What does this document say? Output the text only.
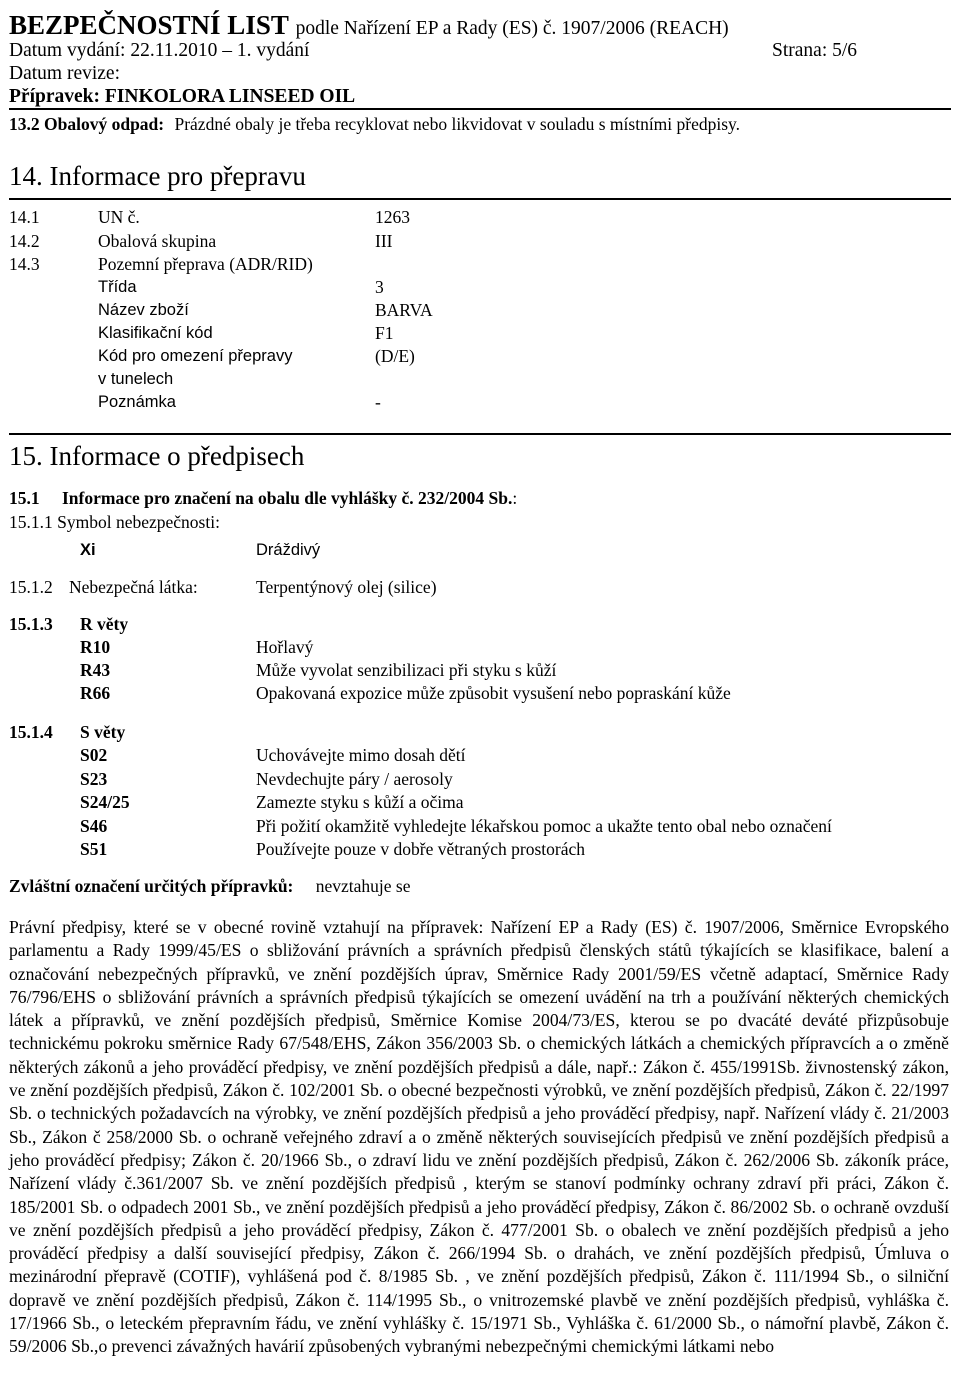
BEZPEČNOSTNÍ LIST podle Nařízení EP a Rady (ES) č. 1907/2006 (REACH)
Datum vydání: 22.11.2010 – 1. vydání	Strana: 5/6
Datum revize:
Přípravek: FINKOLORA LINSEED OIL
13.2 Obalový odpad: Prázdné obaly je třeba recyklovat nebo likvidovat v souladu s místními předpisy.
14. Informace pro přepravu
14.1	UN č.	1263
14.2	Obalová skupina	III
14.3	Pozemní přeprava (ADR/RID)
Třída	3
Název zboží	BARVA
Klasifikační kód	F1
Kód pro omezení přepravy	(D/E)
v tunelech
Poznámka	-
15. Informace o předpisech
15.1 Informace pro značení na obalu dle vyhlášky č. 232/2004 Sb.:
15.1.1 Symbol nebezpečnosti:
Xi	Dráždivý
15.1.2 Nebezpečná látka:	Terpentýnový olej (silice)
15.1.3 R věty
R10	Hořlavý
R43	Může vyvolat senzibilizaci při styku s kůží
R66	Opakovaná expozice může způsobit vysušení nebo popraskání kůže
15.1.4 S věty
S02	Uchovávejte mimo dosah dětí
S23	Nevdechujte páry / aerosoly
S24/25	Zamezte styku s kůží a očima
S46	Při požití okamžitě vyhledejte lékařskou pomoc a ukažte tento obal nebo označení
S51	Používejte pouze v dobře větraných prostorách
Zvláštní označení určitých přípravků: nevztahuje se
Právní předpisy, které se v obecné rovině vztahují na přípravek: Nařízení EP a Rady (ES) č. 1907/2006, Směrnice Evropského parlamentu a Rady 1999/45/ES o sbližování právních a správních předpisů členských států týkajících se klasifikace, balení a označování nebezpečných přípravků, ve znění pozdějších úprav, Směrnice Rady 2001/59/ES včetně adaptací, Směrnice Rady 76/796/EHS o sbližování právních a správních předpisů týkajících se omezení uvádění na trh a používání některých chemických látek a přípravků, ve znění pozdějších předpisů, Směrnice Komise 2004/73/ES, kterou se po dvacáté deváté přizpůsobuje technickému pokroku směrnice Rady 67/548/EHS, Zákon 356/2003 Sb. o chemických látkách a chemických přípravcích a o změně některých zákonů a jeho prováděcí předpisy, ve znění pozdějších předpisů a dále, např.: Zákon č. 455/1991Sb. živnostenský zákon, ve znění pozdějších předpisů, Zákon č. 102/2001 Sb. o obecné bezpečnosti výrobků, ve znění pozdějších předpisů, Zákon č. 22/1997 Sb. o technických požadavcích na výrobky, ve znění pozdějších předpisů a jeho prováděcí předpisy, např. Nařízení vlády č. 21/2003 Sb., Zákon č 258/2000 Sb. o ochraně veřejného zdraví a o změně některých souvisejících předpisů ve znění pozdějších předpisů a jeho prováděcí předpisy; Zákon č. 20/1966 Sb., o zdraví lidu ve znění pozdějších předpisů, Zákon č. 262/2006 Sb. zákoník práce, Nařízení vlády č.361/2007 Sb. ve znění pozdějších předpisů , kterým se stanoví podmínky ochrany zdraví při práci, Zákon č. 185/2001 Sb. o odpadech 2001 Sb., ve znění pozdějších předpisů a jeho prováděcí předpisy, Zákon č. 86/2002 Sb. o ochraně ovzduší ve znění pozdějších předpisů a jeho prováděcí předpisy, Zákon č. 477/2001 Sb. o obalech ve znění pozdějších předpisů a jeho prováděcí předpisy a další související předpisy, Zákon č. 266/1994 Sb. o drahách, ve znění pozdějších předpisů, Úmluva o mezinárodní přepravě (COTIF), vyhlášená pod č. 8/1985 Sb. , ve znění pozdějších předpisů, Zákon č. 111/1994 Sb., o silniční dopravě ve znění pozdějších předpisů, Zákon č. 114/1995 Sb., o vnitrozemské plavbě ve znění pozdějších předpisů, vyhláška č. 17/1966 Sb., o leteckém přepravním řádu, ve znění vyhlášky č. 15/1971 Sb., Vyhláška č. 61/2000 Sb., o námořní plavbě, Zákon č. 59/2006 Sb.,o prevenci závažných havárií způsobených vybranými nebezpečnými chemickými látkami nebo
